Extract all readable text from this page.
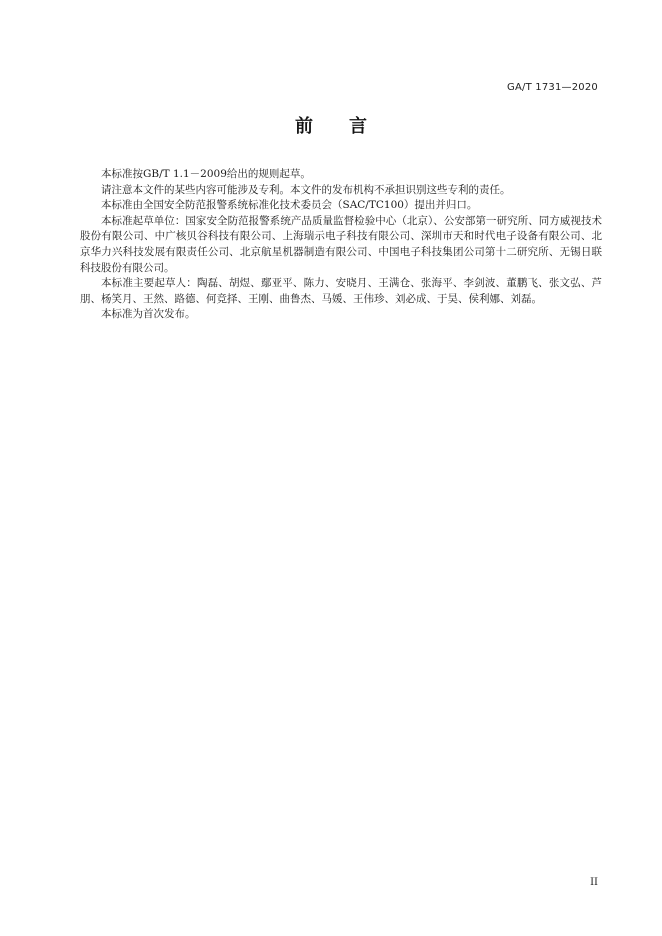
GA/T 1731—2020
前言

本标准按GB/T 1.1－2009给出的规则起草。

请注意本文件的某些内容可能涉及专利。本文件的发布机构不承担识别这些专利的责任。

本标准由全国安全防范报警系统标准化技术委员会（SAC/TC100）提出并归口。

本标准起草单位：国家安全防范报警系统产品质量监督检验中心（北京）、公安部第一研究所、同方威视技术股份有限公司、中广核贝谷科技有限公司、上海瑞示电子科技有限公司、深圳市天和时代电子设备有限公司、北京华力兴科技发展有限责任公司、北京航星机器制造有限公司、中国电子科技集团公司第十二研究所、无锡日联科技股份有限公司。

本标准主要起草人：陶磊、胡煜、鄢亚平、陈力、安晓月、王满仓、张海平、李剑波、董鹏飞、张文弘、芦朋、杨笑月、王然、路德、何竞择、王刚、曲鲁杰、马媛、王伟珍、刘必成、于昊、侯利娜、刘磊。

本标准为首次发布。

II
